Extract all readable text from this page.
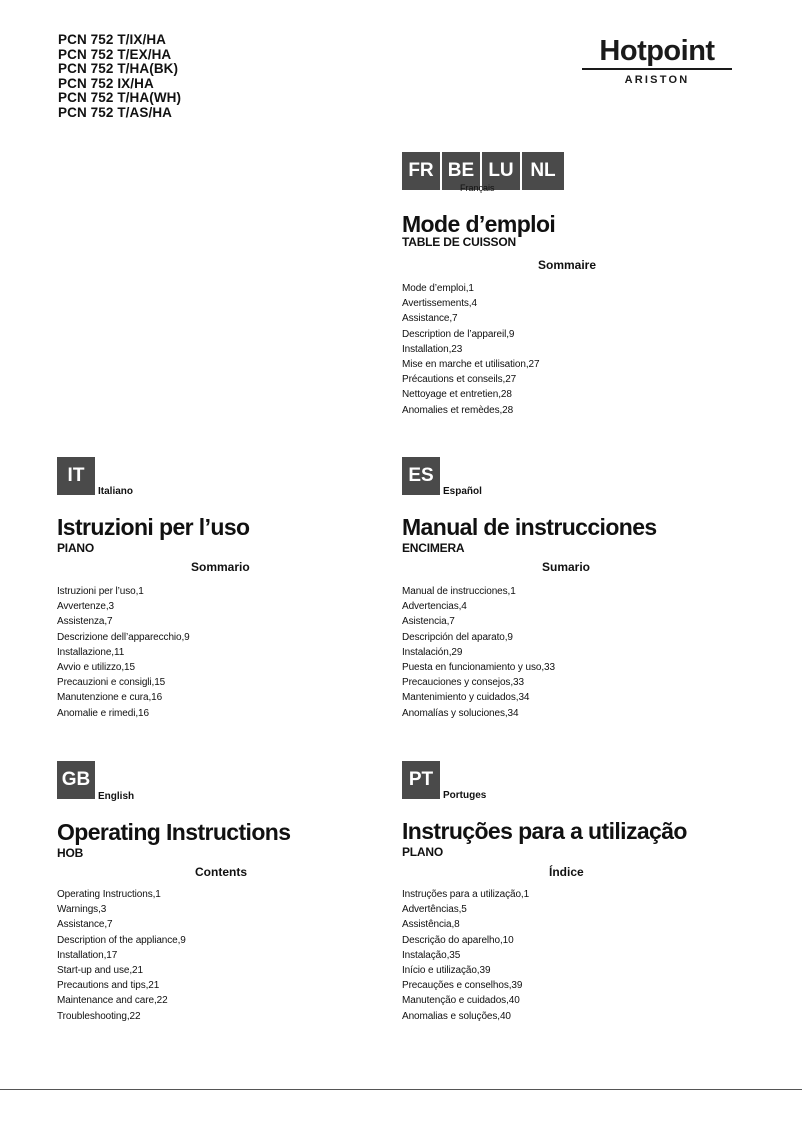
PCN 752 T/IX/HA
PCN 752 T/EX/HA
PCN 752 T/HA(BK)
PCN 752 IX/HA
PCN 752 T/HA(WH)
PCN 752 T/AS/HA
Hotpoint
ARISTON
FR BE LU NL
Français
Mode d’emploi
TABLE DE CUISSON
Sommaire
Mode d’emploi,1
Avertissements,4
Assistance,7
Description de l’appareil,9
Installation,23
Mise en marche et utilisation,27
Précautions et conseils,27
Nettoyage et entretien,28
Anomalies et remèdes,28
IT
Italiano
Istruzioni per l’uso
PIANO
Sommario
Istruzioni per l’uso,1
Avvertenze,3
Assistenza,7
Descrizione dell’apparecchio,9
Installazione,11
Avvio e utilizzo,15
Precauzioni e consigli,15
Manutenzione e cura,16
Anomalie e rimedi,16
ES
Español
Manual de instrucciones
ENCIMERA
Sumario
Manual de instrucciones,1
Advertencias,4
Asistencia,7
Descripción del aparato,9
Instalación,29
Puesta en funcionamiento y uso,33
Precauciones y consejos,33
Mantenimiento y cuidados,34
Anomalías y soluciones,34
GB
English
Operating Instructions
HOB
Contents
Operating Instructions,1
Warnings,3
Assistance,7
Description of the appliance,9
Installation,17
Start-up and use,21
Precautions and tips,21
Maintenance and care,22
Troubleshooting,22
PT
Portuges
Instruções para a utilização
PLANO
Índice
Instruções para a utilização,1
Advertências,5
Assistência,8
Descrição do aparelho,10
Instalação,35
Início e utilização,39
Precauções e conselhos,39
Manutenção e cuidados,40
Anomalias e soluções,40
